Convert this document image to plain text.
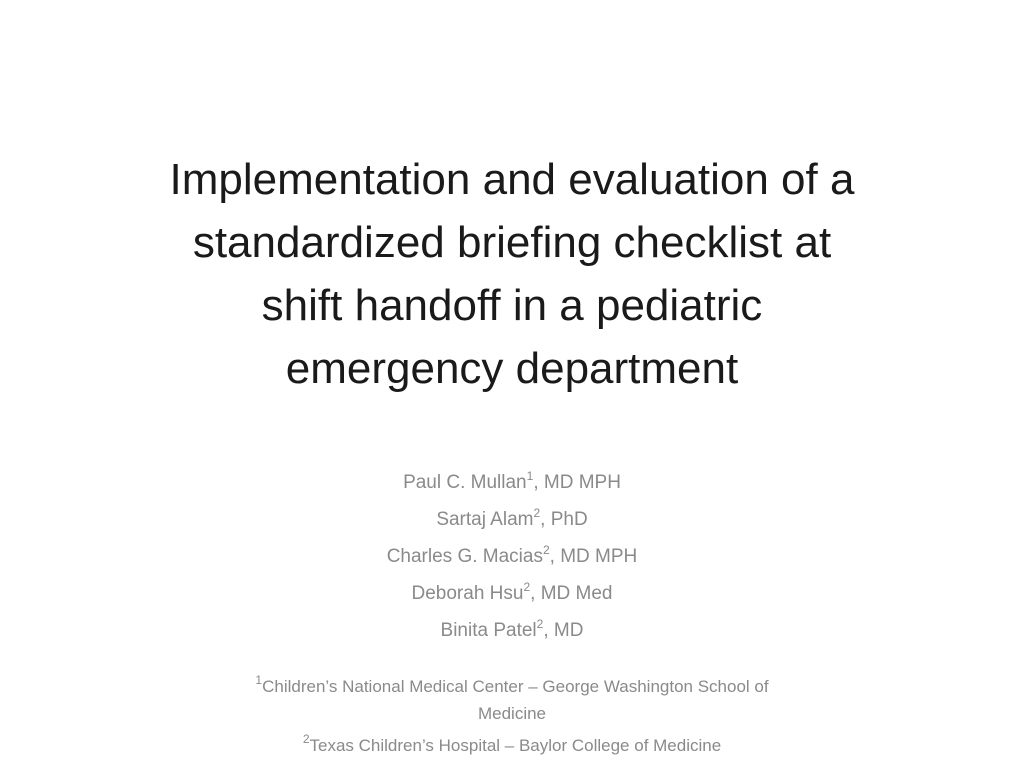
Implementation and evaluation of a
standardized briefing checklist at
shift handoff in a pediatric
emergency department
Paul C. Mullan$^1$, MD MPH
Sartaj Alam$^2$, PhD
Charles G. Macias$^2$, MD MPH
Deborah Hsu$^2$, MD Med
Binita Patel$^2$, MD
$^1$Children’s National Medical Center – George Washington School of
Medicine
$^2$Texas Children’s Hospital – Baylor College of Medicine
